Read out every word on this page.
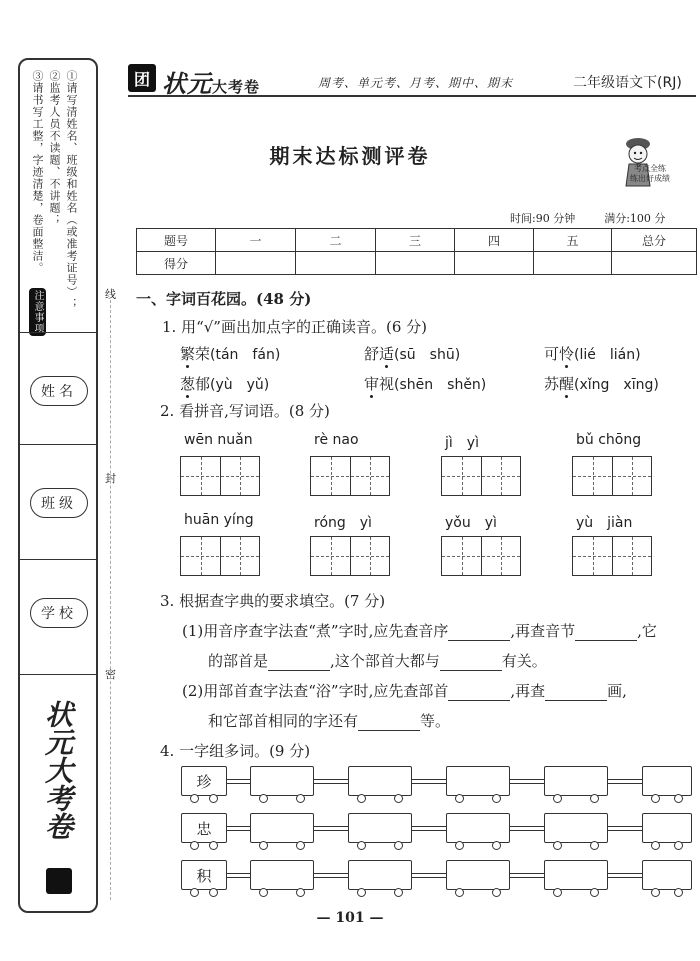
③请书写工整，字迹清楚，卷面整洁。 ②监考人员不读题、不讲题； ①请写清姓名、班级和姓名（或准考证号）；
注意事项
姓名
班级
学校
状元大考卷
线
封
密
团 状元大考卷	周考、单元考、月考、期中、期末	二年级语文下(RJ)
期末达标测评卷
考点全练
练出好成绩
时间:90 分钟	满分:100 分
题号	一	二	三	四	五	总分
得分						
一、字词百花园。(48 分)
1. 用“√”画出加点字的正确读音。(6 分)
繁荣(tán　fán)	舒适(sū　shū)	可怜(lié　lián)
葱郁(yù　yǔ)	审视(shēn　shěn)	苏醒(xǐng　xīng)
2. 看拼音,写词语。(8 分)
wēn nuǎn	rè nao	jì　yì	bǔ chōng
huān yíng	róng　yì	yǒu　yì	yù　jiàn
3. 根据查字典的要求填空。(7 分)
(1)用音序查字法查“煮”字时,应先查音序	,再查音节	,它
的部首是	,这个部首大都与	有关。
(2)用部首查字法查“浴”字时,应先查部首	,再查	画,
和它部首相同的字还有	等。
4. 一字组多词。(9 分)
珍
忠
积
— 101 —
